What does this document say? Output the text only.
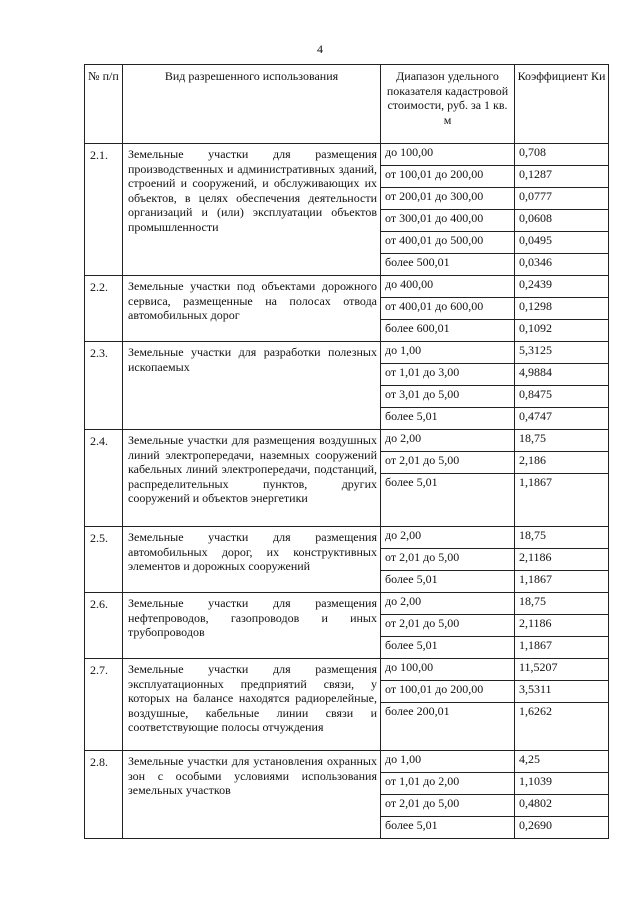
4
№ п/п	Вид разрешенного использования	Диапазон удельного показателя кадастровой стоимости, руб. за 1 кв. м	Коэффициент Ки
2.1.	Земельные участки для размещения производственных и административных зданий, строений и сооружений, и обслуживающих их объектов, в целях обеспечения деятельности организаций и (или) эксплуатации объектов промышленности	до 100,00	0,708
		от 100,01 до 200,00	0,1287
		от 200,01 до 300,00	0,0777
		от 300,01 до 400,00	0,0608
		от 400,01 до 500,00	0,0495
		более 500,01	0,0346
2.2.	Земельные участки под объектами дорожного сервиса, размещенные на полосах отвода автомобильных дорог	до 400,00	0,2439
		от 400,01 до 600,00	0,1298
		более 600,01	0,1092
2.3.	Земельные участки для разработки полезных ископаемых	до 1,00	5,3125
		от 1,01 до 3,00	4,9884
		от 3,01 до 5,00	0,8475
		более 5,01	0,4747
2.4.	Земельные участки для размещения воздушных линий электропередачи, наземных сооружений кабельных линий электропередачи, подстанций, распределительных пунктов, других сооружений и объектов энергетики	до 2,00	18,75
		от 2,01 до 5,00	2,186
		более 5,01	1,1867
2.5.	Земельные участки для размещения автомобильных дорог, их конструктивных элементов и дорожных сооружений	до 2,00	18,75
		от 2,01 до 5,00	2,1186
		более 5,01	1,1867
2.6.	Земельные участки для размещения нефтепроводов, газопроводов и иных трубопроводов	до 2,00	18,75
		от 2,01 до 5,00	2,1186
		более 5,01	1,1867
2.7.	Земельные участки для размещения эксплуатационных предприятий связи, у которых на балансе находятся радиорелейные, воздушные, кабельные линии связи и соответствующие полосы отчуждения	до 100,00	11,5207
		от 100,01 до 200,00	3,5311
		более 200,01	1,6262
2.8.	Земельные участки для установления охранных зон с особыми условиями использования земельных участков	до 1,00	4,25
		от 1,01 до 2,00	1,1039
		от 2,01 до 5,00	0,4802
		более 5,01	0,2690
